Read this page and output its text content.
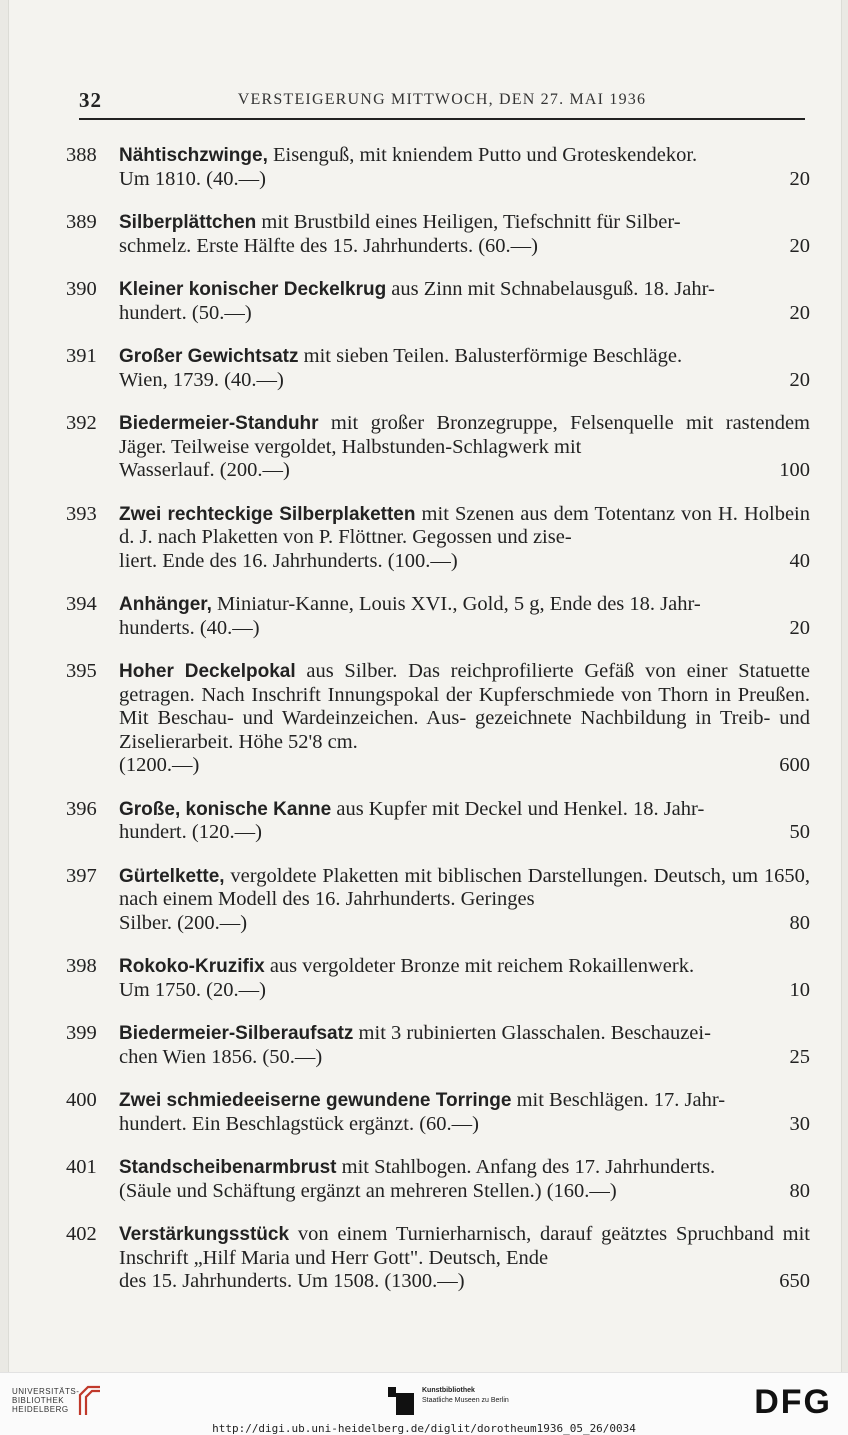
32	VERSTEIGERUNG MITTWOCH, DEN 27. MAI 1936
388 Nähtischzwinge, Eisenguß, mit kniendem Putto und Groteskendekor.
Um 1810. (40.—)	20
389 Silberplättchen mit Brustbild eines Heiligen, Tiefschnitt für Silber-
schmelz. Erste Hälfte des 15. Jahrhunderts. (60.—)	20
390 Kleiner konischer Deckelkrug aus Zinn mit Schnabelausguß. 18. Jahr-
hundert. (50.—)	20
391 Großer Gewichtsatz mit sieben Teilen. Balusterförmige Beschläge.
Wien, 1739. (40.—)	20
392 Biedermeier-Standuhr mit großer Bronzegruppe, Felsenquelle mit rastendem Jäger. Teilweise vergoldet, Halbstunden-Schlagwerk mit
Wasserlauf. (200.—)	100
393 Zwei rechteckige Silberplaketten mit Szenen aus dem Totentanz von H. Holbein d. J. nach Plaketten von P. Flöttner. Gegossen und zise-
liert. Ende des 16. Jahrhunderts. (100.—)	40
394 Anhänger, Miniatur-Kanne, Louis XVI., Gold, 5 g, Ende des 18. Jahr-
hunderts. (40.—)	20
395 Hoher Deckelpokal aus Silber. Das reichprofilierte Gefäß von einer Statuette getragen. Nach Inschrift Innungspokal der Kupferschmiede von Thorn in Preußen. Mit Beschau- und Wardeinzeichen. Aus- gezeichnete Nachbildung in Treib- und Ziselierarbeit. Höhe 52'8 cm.
(1200.—)	600
396 Große, konische Kanne aus Kupfer mit Deckel und Henkel. 18. Jahr-
hundert. (120.—)	50
397 Gürtelkette, vergoldete Plaketten mit biblischen Darstellungen. Deutsch, um 1650, nach einem Modell des 16. Jahrhunderts. Geringes
Silber. (200.—)	80
398 Rokoko-Kruzifix aus vergoldeter Bronze mit reichem Rokaillenwerk.
Um 1750. (20.—)	10
399 Biedermeier-Silberaufsatz mit 3 rubinierten Glasschalen. Beschauzei-
chen Wien 1856. (50.—)	25
400 Zwei schmiedeeiserne gewundene Torringe mit Beschlägen. 17. Jahr-
hundert. Ein Beschlagstück ergänzt. (60.—)	30
401 Standscheibenarmbrust mit Stahlbogen. Anfang des 17. Jahrhunderts.
(Säule und Schäftung ergänzt an mehreren Stellen.) (160.—)	80
402 Verstärkungsstück von einem Turnierharnisch, darauf geätztes Spruchband mit Inschrift „Hilf Maria und Herr Gott". Deutsch, Ende
des 15. Jahrhunderts. Um 1508. (1300.—)	650
UNIVERSITÄTS-
BIBLIOTHEK
HEIDELBERG
Kunstbibliothek
Staatliche Museen zu Berlin	DFG
http://digi.ub.uni-heidelberg.de/diglit/dorotheum1936_05_26/0034
